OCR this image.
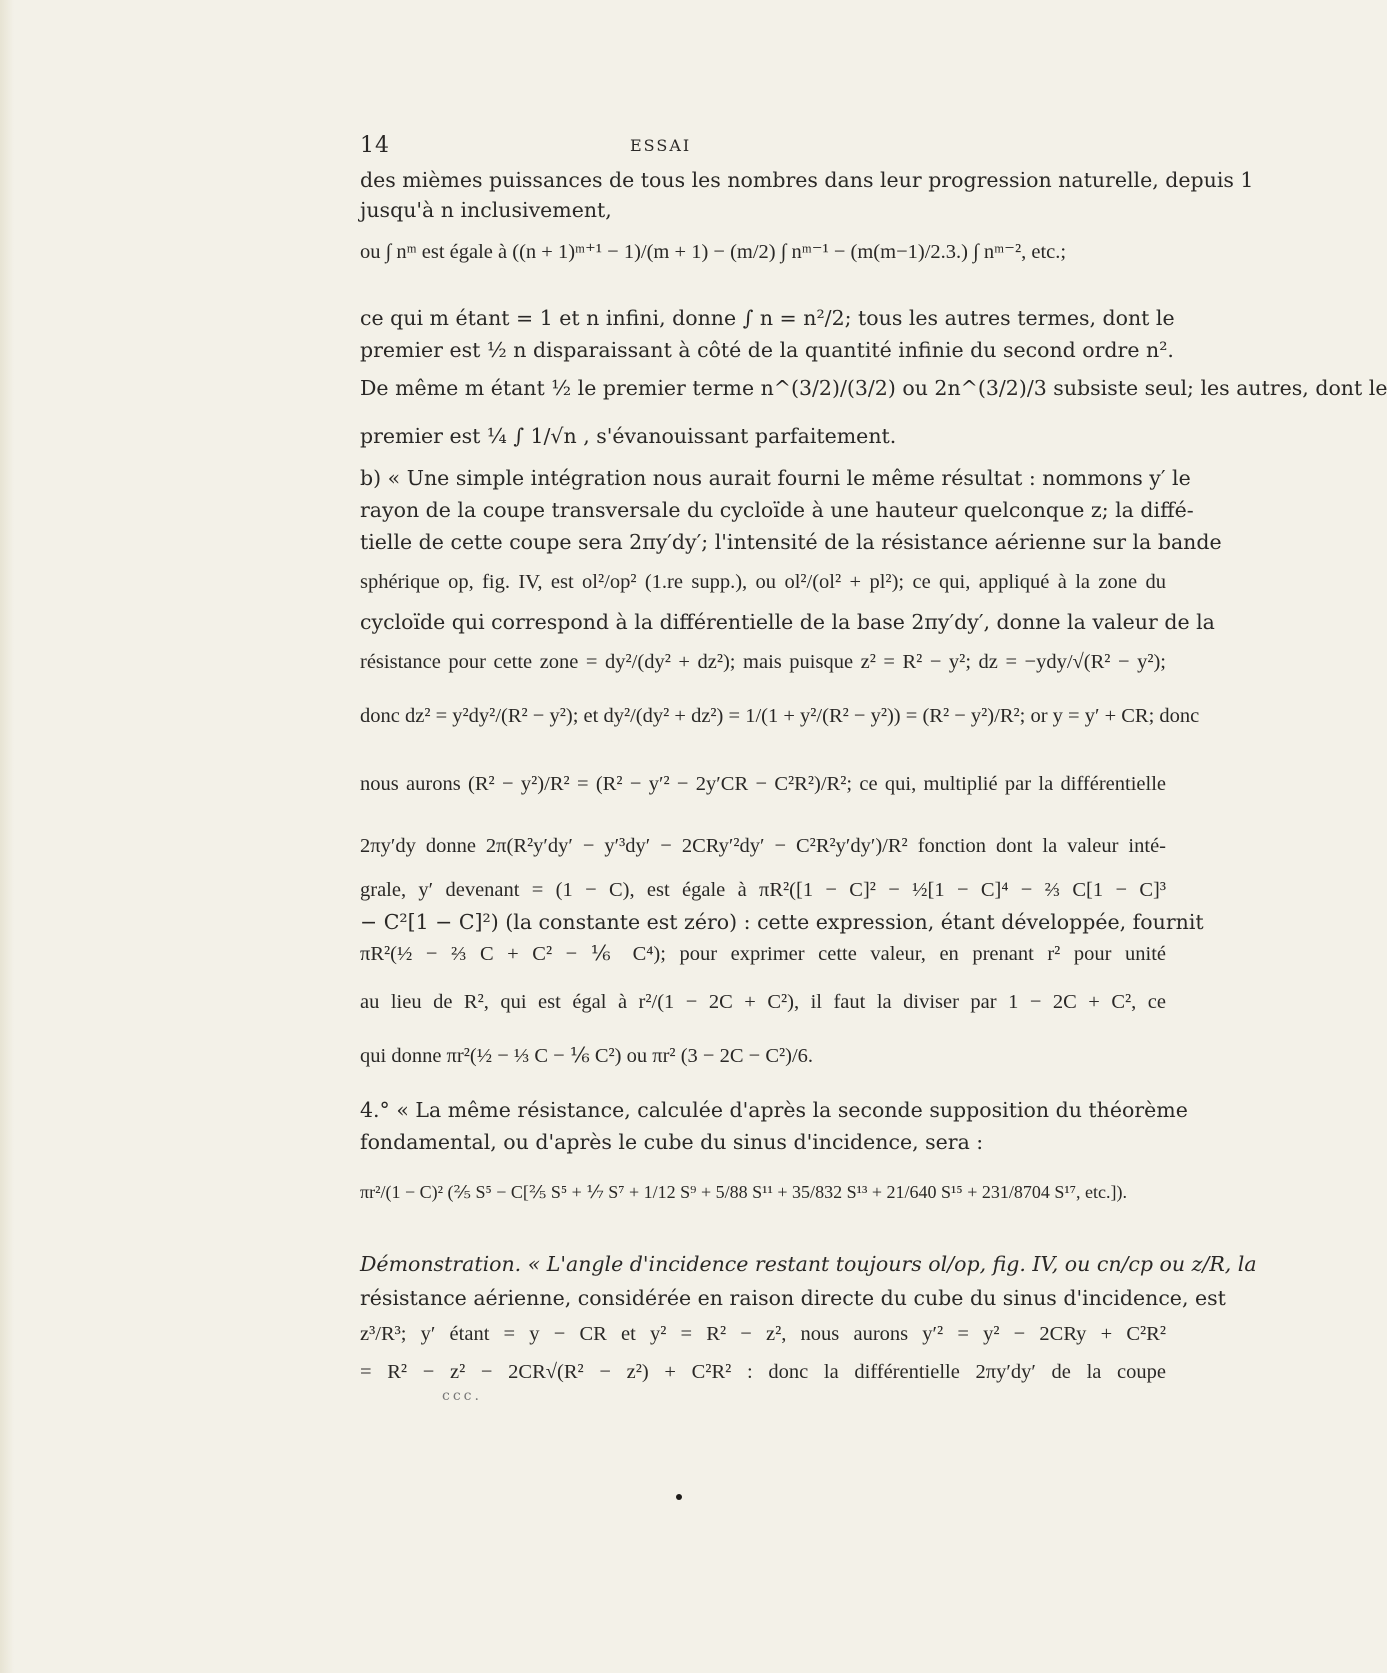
14	ESSAI
des mièmes puissances de tous les nombres dans leur progression naturelle, depuis 1
jusqu'à n inclusivement,
ou ∫ nᵐ est égale à ((n + 1)ᵐ⁺¹ − 1)/(m + 1) − (m/2) ∫ nᵐ⁻¹ − (m(m−1)/2.3.) ∫ nᵐ⁻², etc.;
ce qui m étant = 1 et n infini, donne ∫ n = n²/2; tous les autres termes, dont le
premier est ½ n disparaissant à côté de la quantité infinie du second ordre n².
De même m étant ½ le premier terme n^(3/2)/(3/2) ou 2n^(3/2)/3 subsiste seul; les autres, dont le
premier est ¼ ∫ 1/√n , s'évanouissant parfaitement.
b) « Une simple intégration nous aurait fourni le même résultat : nommons y′ le
rayon de la coupe transversale du cycloïde à une hauteur quelconque z; la diffé-
tielle de cette coupe sera 2πy′dy′; l'intensité de la résistance aérienne sur la bande
sphérique op, fig. IV, est ol²/op² (1.re supp.), ou ol²/(ol² + pl²); ce qui, appliqué à la zone du
cycloïde qui correspond à la différentielle de la base 2πy′dy′, donne la valeur de la
résistance pour cette zone = dy²/(dy² + dz²); mais puisque z² = R² − y²; dz = −ydy/√(R² − y²);
donc dz² = y²dy²/(R² − y²); et dy²/(dy² + dz²) = 1/(1 + y²/(R² − y²)) = (R² − y²)/R²; or y = y′ + CR; donc
nous aurons (R² − y²)/R² = (R² − y′² − 2y′CR − C²R²)/R²; ce qui, multiplié par la différentielle
2πy′dy donne 2π(R²y′dy′ − y′³dy′ − 2CRy′²dy′ − C²R²y′dy′)/R² fonction dont la valeur inté-
grale, y′ devenant = (1 − C), est égale à πR²([1 − C]² − ½[1 − C]⁴ − ⅔ C[1 − C]³
− C²[1 − C]²) (la constante est zéro) : cette expression, étant développée, fournit
πR²(½ − ⅔ C + C² − ⅙ C⁴); pour exprimer cette valeur, en prenant r² pour unité
au lieu de R², qui est égal à r²/(1 − 2C + C²), il faut la diviser par 1 − 2C + C², ce
qui donne πr²(½ − ⅓ C − ⅙ C²) ou πr² (3 − 2C − C²)/6.
4.° « La même résistance, calculée d'après la seconde supposition du théorème
fondamental, ou d'après le cube du sinus d'incidence, sera :
πr²/(1 − C)² (⅖ S⁵ − C[⅖ S⁵ + ⅐ S⁷ + 1/12 S⁹ + 5/88 S¹¹ + 35/832 S¹³ + 21/640 S¹⁵ + 231/8704 S¹⁷, etc.]).
Démonstration. « L'angle d'incidence restant toujours ol/op, fig. IV, ou cn/cp ou z/R, la
résistance aérienne, considérée en raison directe du cube du sinus d'incidence, est
z³/R³; y′ étant = y − CR et y² = R² − z², nous aurons y′² = y² − 2CRy + C²R²
= R² − z² − 2CR√(R² − z²) + C²R² : donc la différentielle 2πy′dy′ de la coupe
ccc.
